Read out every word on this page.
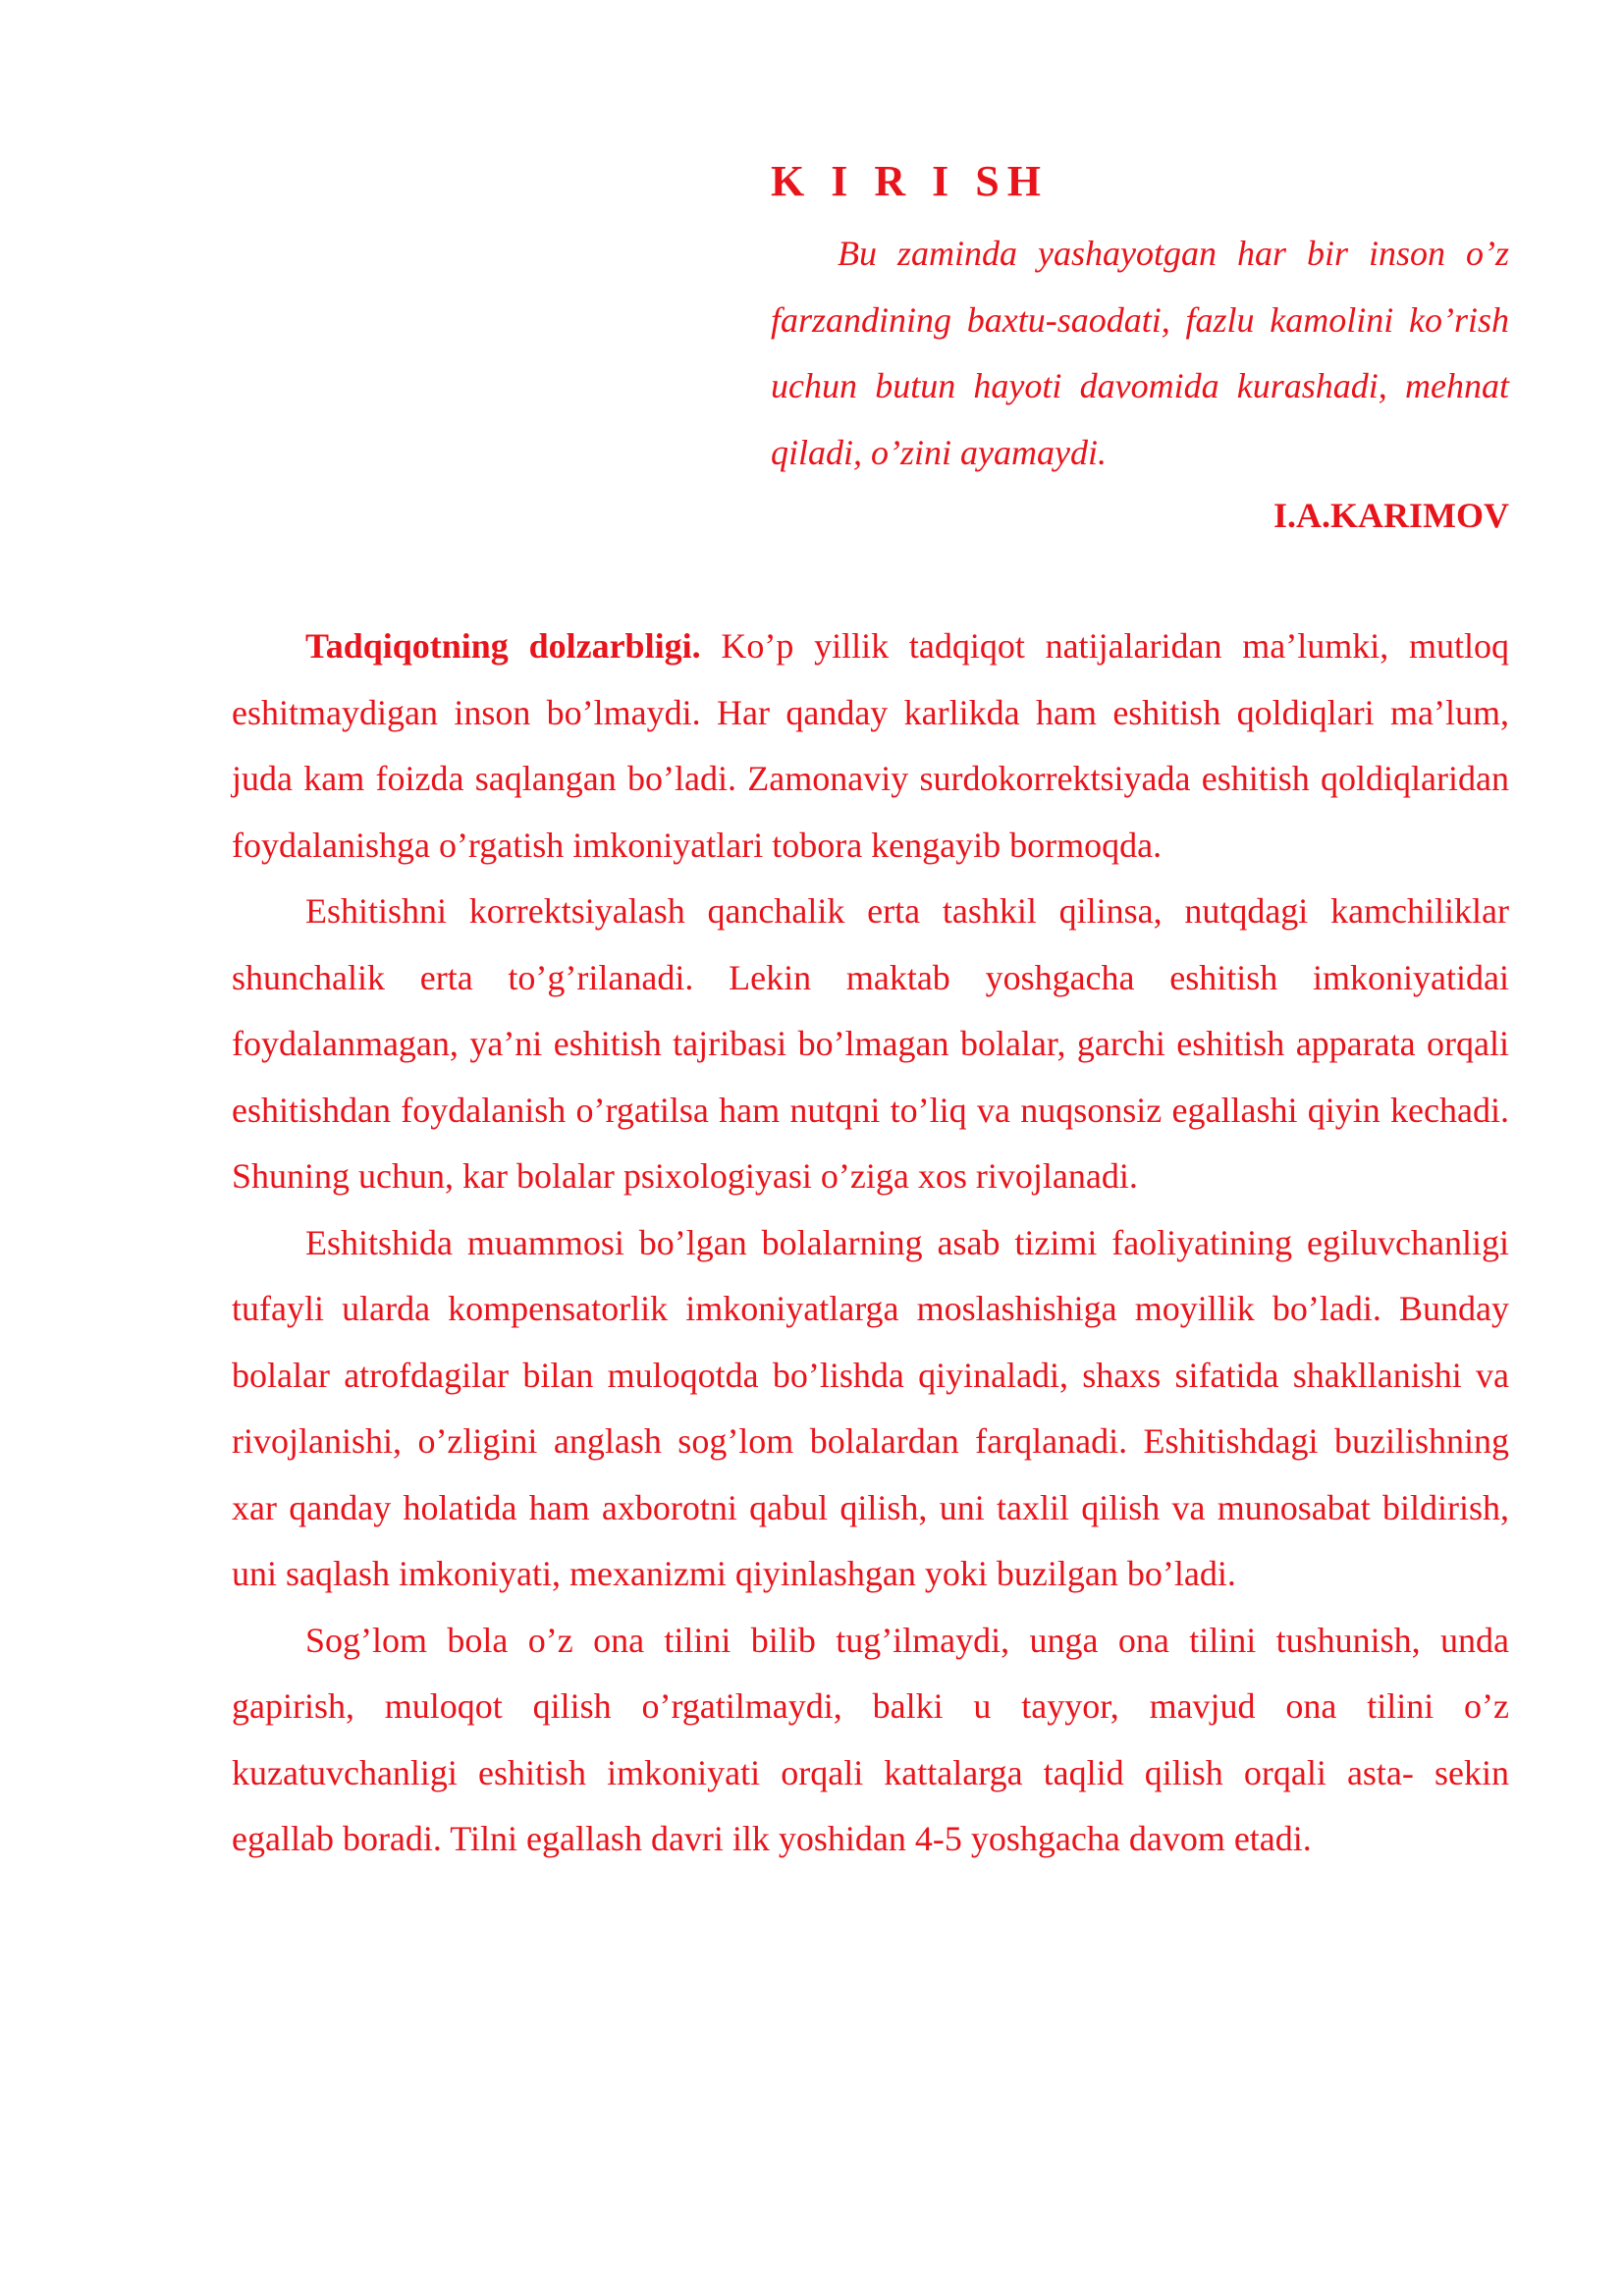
K I R I SH

Bu zaminda yashayotgan har bir inson o’z farzandining baxtu-saodati, fazlu kamolini ko’rish uchun butun hayoti davomida kurashadi, mehnat qiladi, o’zini ayamaydi.

I.A.KARIMOV

Tadqiqotning dolzarbligi. Ko’p yillik tadqiqot natijalaridan ma’lumki, mutloq eshitmaydigan inson bo’lmaydi. Har qanday karlikda ham eshitish qoldiqlari ma’lum, juda kam foizda saqlangan bo’ladi. Zamonaviy surdokorrektsiyada eshitish qoldiqlaridan foydalanishga o’rgatish imkoniyatlari tobora kengayib bormoqda.

Eshitishni korrektsiyalash qanchalik erta tashkil qilinsa, nutqdagi kamchiliklar shunchalik erta to’g’rilanadi. Lekin maktab yoshgacha eshitish imkoniyatidai foydalanmagan, ya’ni eshitish tajribasi bo’lmagan bolalar, garchi eshitish apparata orqali eshitishdan foydalanish o’rgatilsa ham nutqni to’liq va nuqsonsiz egallashi qiyin kechadi. Shuning uchun, kar bolalar psixologiyasi o’ziga xos rivojlanadi.

Eshitshida muammosi bo’lgan bolalarning asab tizimi faoliyatining egiluvchanligi tufayli ularda kompensatorlik imkoniyatlarga moslashishiga moyillik bo’ladi. Bunday bolalar atrofdagilar bilan muloqotda bo’lishda qiyinaladi, shaxs sifatida shakllanishi va rivojlanishi, o’zligini anglash sog’lom bolalardan farqlanadi. Eshitishdagi buzilishning xar qanday holatida ham axborotni qabul qilish, uni taxlil qilish va munosabat bildirish, uni saqlash imkoniyati, mexanizmi qiyinlashgan yoki buzilgan bo’ladi.

Sog’lom bola o’z ona tilini bilib tug’ilmaydi, unga ona tilini tushunish, unda gapirish, muloqot qilish o’rgatilmaydi, balki u tayyor, mavjud ona tilini o’z kuzatuvchanligi eshitish imkoniyati orqali kattalarga taqlid qilish orqali asta- sekin egallab boradi. Tilni egallash davri ilk yoshidan 4-5 yoshgacha davom etadi.
